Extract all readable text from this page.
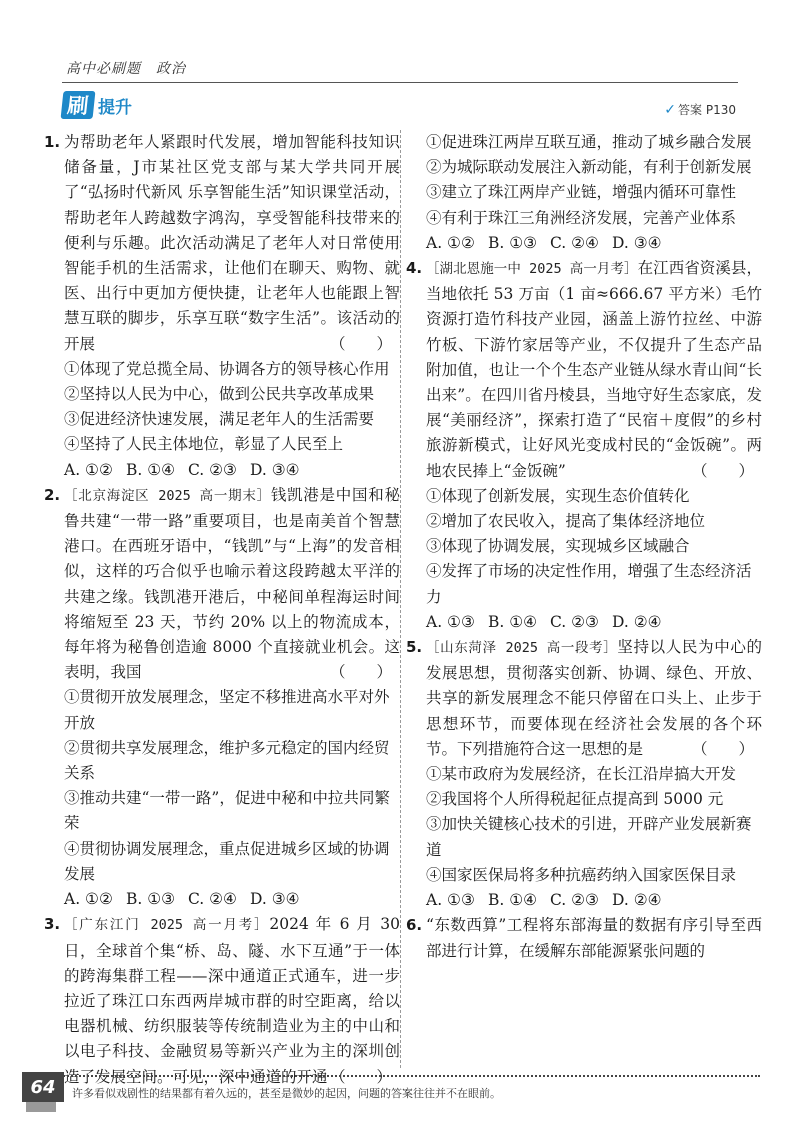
高中必刷题　政治
刷 提升	✓ 答案 P130
1. 为帮助老年人紧跟时代发展，增加智能科技知识储备量，J市某社区党支部与某大学共同开展了“弘扬时代新风 乐享智能生活”知识课堂活动，帮助老年人跨越数字鸿沟，享受智能科技带来的便利与乐趣。此次活动满足了老年人对日常使用智能手机的生活需求，让他们在聊天、购物、就医、出行中更加方便快捷，让老年人也能跟上智慧互联的脚步，乐享互联“数字生活”。该活动的开展	（　　）
①体现了党总揽全局、协调各方的领导核心作用
②坚持以人民为中心，做到公民共享改革成果
③促进经济快速发展，满足老年人的生活需要
④坚持了人民主体地位，彰显了人民至上
A. ①② B. ①④ C. ②③ D. ③④
2. ［北京海淀区 2025 高一期末］钱凯港是中国和秘鲁共建“一带一路”重要项目，也是南美首个智慧港口。在西班牙语中，“钱凯”与“上海”的发音相似，这样的巧合似乎也喻示着这段跨越太平洋的共建之缘。钱凯港开港后，中秘间单程海运时间将缩短至 23 天，节约 20% 以上的物流成本，每年将为秘鲁创造逾 8000 个直接就业机会。这表明，我国	（　　）
①贯彻开放发展理念，坚定不移推进高水平对外开放
②贯彻共享发展理念，维护多元稳定的国内经贸关系
③推动共建“一带一路”，促进中秘和中拉共同繁荣
④贯彻协调发展理念，重点促进城乡区域的协调发展
A. ①② B. ①③ C. ②④ D. ③④
3. ［广东江门 2025 高一月考］2024 年 6 月 30 日，全球首个集“桥、岛、隧、水下互通”于一体的跨海集群工程——深中通道正式通车，进一步拉近了珠江口东西两岸城市群的时空距离，给以电器机械、纺织服装等传统制造业为主的中山和以电子科技、金融贸易等新兴产业为主的深圳创造了发展空间。可见，深中通道的开通 （　　）
①促进珠江两岸互联互通，推动了城乡融合发展
②为城际联动发展注入新动能，有利于创新发展
③建立了珠江两岸产业链，增强内循环可靠性
④有利于珠江三角洲经济发展，完善产业体系
A. ①② B. ①③ C. ②④ D. ③④
4. ［湖北恩施一中 2025 高一月考］在江西省资溪县，当地依托 53 万亩（1 亩≈666.67 平方米）毛竹资源打造竹科技产业园，涵盖上游竹拉丝、中游竹板、下游竹家居等产业，不仅提升了生态产品附加值，也让一个个生态产业链从绿水青山间“长出来”。在四川省丹棱县，当地守好生态家底，发展“美丽经济”，探索打造了“民宿＋度假”的乡村旅游新模式，让好风光变成村民的“金饭碗”。两地农民捧上“金饭碗”	（　　）
①体现了创新发展，实现生态价值转化
②增加了农民收入，提高了集体经济地位
③体现了协调发展，实现城乡区域融合
④发挥了市场的决定性作用，增强了生态经济活力
A. ①③ B. ①④ C. ②③ D. ②④
5. ［山东菏泽 2025 高一段考］坚持以人民为中心的发展思想，贯彻落实创新、协调、绿色、开放、共享的新发展理念不能只停留在口头上、止步于思想环节，而要体现在经济社会发展的各个环节。下列措施符合这一思想的是	（　　）
①某市政府为发展经济，在长江沿岸搞大开发
②我国将个人所得税起征点提高到 5000 元
③加快关键核心技术的引进，开辟产业发展新赛道
④国家医保局将多种抗癌药纳入国家医保目录
A. ①③ B. ①④ C. ②③ D. ②④
6. “东数西算”工程将东部海量的数据有序引导至西部进行计算，在缓解东部能源紧张问题的
64	许多看似戏剧性的结果都有着久远的，甚至是微妙的起因，问题的答案往往并不在眼前。
